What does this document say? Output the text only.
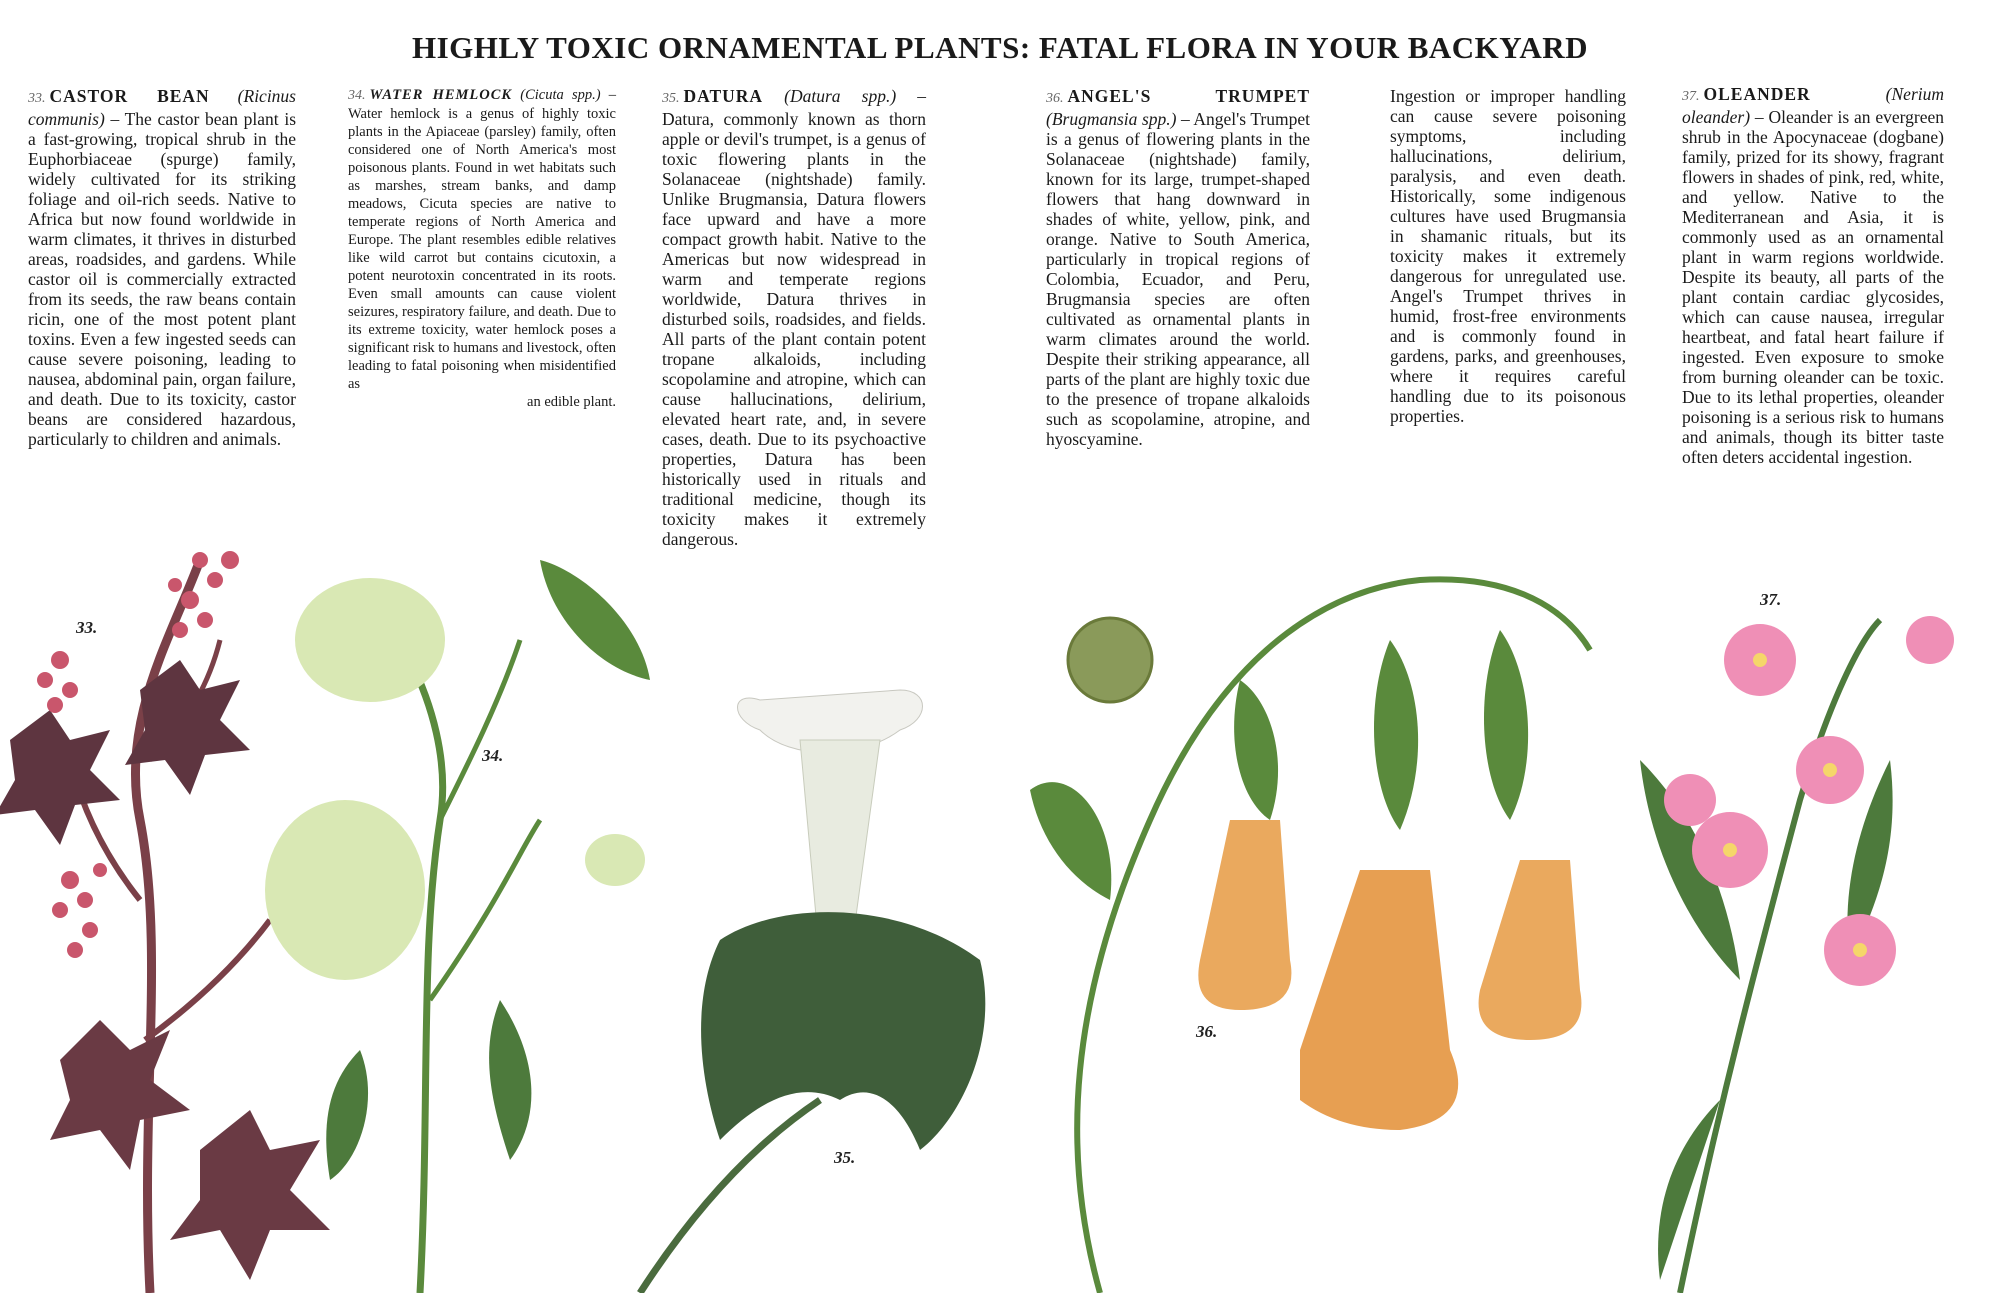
HIGHLY TOXIC ORNAMENTAL PLANTS: FATAL FLORA IN YOUR BACKYARD
33. CASTOR BEAN (Ricinus communis) – The castor bean plant is a fast-growing, tropical shrub in the Euphorbiaceae (spurge) family, widely cultivated for its striking foliage and oil-rich seeds. Native to Africa but now found worldwide in warm climates, it thrives in disturbed areas, roadsides, and gardens. While castor oil is commercially extracted from its seeds, the raw beans contain ricin, one of the most potent plant toxins. Even a few ingested seeds can cause severe poisoning, leading to nausea, abdominal pain, organ failure, and death. Due to its toxicity, castor beans are considered hazardous, particularly to children and animals.
33.
34. WATER HEMLOCK (Cicuta spp.) – Water hemlock is a genus of highly toxic plants in the Apiaceae (parsley) family, often considered one of North America's most poisonous plants. Found in wet habitats such as marshes, stream banks, and damp meadows, Cicuta species are native to temperate regions of North America and Europe. The plant resembles edible relatives like wild carrot but contains cicutoxin, a potent neurotoxin concentrated in its roots. Even small amounts can cause violent seizures, respiratory failure, and death. Due to its extreme toxicity, water hemlock poses a significant risk to humans and livestock, often leading to fatal poisoning when misidentified as
an edible plant.
34.
35. DATURA (Datura spp.) – Datura, commonly known as thorn apple or devil's trumpet, is a genus of toxic flowering plants in the Solanaceae (nightshade) family. Unlike Brugmansia, Datura flowers face upward and have a more compact growth habit. Native to the Americas but now widespread in warm and temperate regions worldwide, Datura thrives in disturbed soils, roadsides, and fields. All parts of the plant contain potent tropane alkaloids, including scopolamine and atropine, which can cause hallucinations, delirium, elevated heart rate, and, in severe cases, death. Due to its psychoactive properties, Datura has been historically used in rituals and traditional medicine, though its toxicity makes it extremely dangerous.
35.
36. ANGEL'S TRUMPET (Brugmansia spp.) – Angel's Trumpet is a genus of flowering plants in the Solanaceae (nightshade) family, known for its large, trumpet-shaped flowers that hang downward in shades of white, yellow, pink, and orange. Native to South America, particularly in tropical regions of Colombia, Ecuador, and Peru, Brugmansia species are often cultivated as ornamental plants in warm climates around the world. Despite their striking appearance, all parts of the plant are highly toxic due to the presence of tropane alkaloids such as scopolamine, atropine, and hyoscyamine.
Ingestion or improper handling can cause severe poisoning symptoms, including hallucinations, delirium, paralysis, and even death. Historically, some indigenous cultures have used Brugmansia in shamanic rituals, but its toxicity makes it extremely dangerous for unregulated use. Angel's Trumpet thrives in humid, frost-free environments and is commonly found in gardens, parks, and greenhouses, where it requires careful handling due to its poisonous properties.
36.
37. OLEANDER	(Nerium oleander) – Oleander is an evergreen shrub in the Apocynaceae (dogbane) family, prized for its showy, fragrant flowers in shades of pink, red, white, and yellow. Native to the Mediterranean and Asia, it is commonly used as an ornamental plant in warm regions worldwide. Despite its beauty, all parts of the plant contain cardiac glycosides, which can cause nausea, irregular heartbeat, and fatal heart failure if ingested. Even exposure to smoke from burning oleander can be toxic. Due to its lethal properties, oleander poisoning is a serious risk to humans and animals, though its bitter taste often deters accidental ingestion.
37.
